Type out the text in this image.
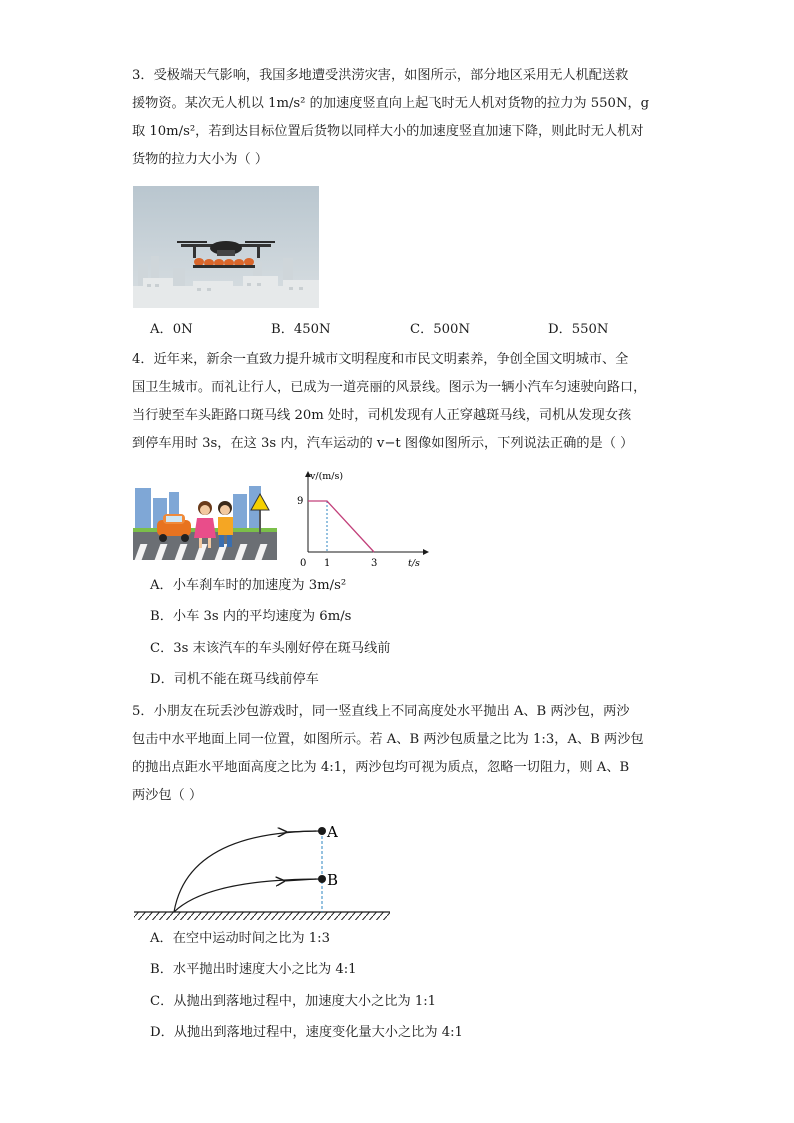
3．受极端天气影响，我国多地遭受洪涝灾害，如图所示，部分地区采用无人机配送救
援物资。某次无人机以 1m/s² 的加速度竖直向上起飞时无人机对货物的拉力为 550N，g
取 10m/s²，若到达目标位置后货物以同样大小的加速度竖直加速下降，则此时无人机对
货物的拉力大小为（ ）
A．0N	B．450N	C．500N	D．550N
4．近年来，新余一直致力提升城市文明程度和市民文明素养，争创全国文明城市、全
国卫生城市。而礼让行人，已成为一道亮丽的风景线。图示为一辆小汽车匀速驶向路口，
当行驶至车头距路口斑马线 20m 处时，司机发现有人正穿越斑马线，司机从发现女孩
到停车用时 3s，在这 3s 内，汽车运动的 v−t 图像如图所示，下列说法正确的是（ ）
v/(m/s)
t/s
9
0 1	3
A．小车刹车时的加速度为 3m/s²
B．小车 3s 内的平均速度为 6m/s
C．3s 末该汽车的车头刚好停在斑马线前
D．司机不能在斑马线前停车
5．小朋友在玩丢沙包游戏时，同一竖直线上不同高度处水平抛出 A、B 两沙包，两沙
包击中水平地面上同一位置，如图所示。若 A、B 两沙包质量之比为 1:3，A、B 两沙包
的抛出点距水平地面高度之比为 4:1，两沙包均可视为质点，忽略一切阻力，则 A、B
两沙包（ ）
A
B
A．在空中运动时间之比为 1:3
B．水平抛出时速度大小之比为 4:1
C．从抛出到落地过程中，加速度大小之比为 1:1
D．从抛出到落地过程中，速度变化量大小之比为 4:1
